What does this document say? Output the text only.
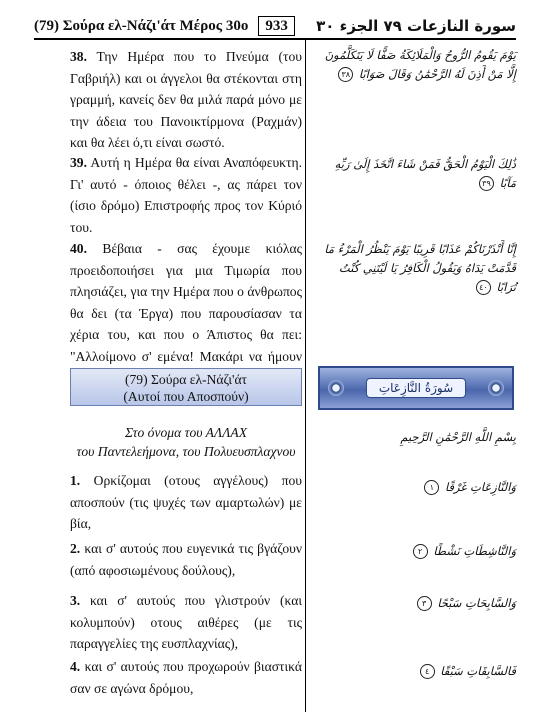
(79) Σούρα ελ-Νάζι'άτ Μέρος 30ο	933	سورة النازعات ٧٩ الجزء ٣٠
38. Την Ημέρα που το Πνεύμα (του Γαβριήλ) και οι άγγελοι θα στέκονται στη γραμμή, κανείς δεν θα μιλά παρά μόνο με την άδεια του Πανοικτίρμονα (Ραχμάν) και θα λέει ό,τι είναι σωστό.
يَوْمَ يَقُومُ الرُّوحُ وَالْمَلَائِكَةُ صَفًّا لَا يَتَكَلَّمُونَ إِلَّا مَنْ أَذِنَ لَهُ الرَّحْمَٰنُ وَقَالَ صَوَابًا ٣٨
39. Αυτή η Ημέρα θα είναι Αναπόφευκτη. Γι' αυτό - όποιος θέλει -, ας πάρει τον (ίσιο δρόμο) Επιστροφής προς τον Κύριό του.
ذَٰلِكَ الْيَوْمُ الْحَقُّ فَمَنْ شَاءَ اتَّخَذَ إِلَىٰ رَبِّهِ مَآبًا ٣٩
40. Βέβαια - σας έχουμε κιόλας προειδοποιήσει για μια Τιμωρία που πλησιάζει, για την Ημέρα που ο άνθρωπος θα δει (τα Έργα) που παρουσίασαν τα χέρια του, και που ο Άπιστος θα πει: "Αλλοίμονο σ' εμένα! Μακάρι να ήμουν
إِنَّا أَنْذَرْنَاكُمْ عَذَابًا قَرِيبًا يَوْمَ يَنْظُرُ الْمَرْءُ مَا قَدَّمَتْ يَدَاهُ وَيَقُولُ الْكَافِرُ يَا لَيْتَنِي كُنْتُ تُرَابًا ٤٠
(79) Σούρα ελ-Νάζι'άτ
(Αυτοί που Αποσπούν)
سُورَةُ النَّازِعَاتِ
Στο όνομα του ΑΛΛΑΧ
του Παντελεήμονα, του Πολυευσπλαχνου
بِسْمِ اللَّهِ الرَّحْمَٰنِ الرَّحِيمِ
1. Ορκίζομαι (οτους αγγέλους) που αποσπούν (τις ψυχές των αμαρτωλών) με βία,
وَالنَّازِعَاتِ غَرْقًا ١
2. και σ' αυτούς που ευγενικά τις βγάζουν (από αφοσιωμένους δούλους),
وَالنَّاشِطَاتِ نَشْطًا ٢
3. και σ' αυτούς που γλιστρούν (και κολυμπούν) οτους αιθέρες (με τις παραγγελίες της ευσπλαχνίας),
وَالسَّابِحَاتِ سَبْحًا ٣
4. και σ' αυτούς που προχωρούν βιαστικά σαν σε αγώνα δρόμου,
فَالسَّابِقَاتِ سَبْقًا ٤
